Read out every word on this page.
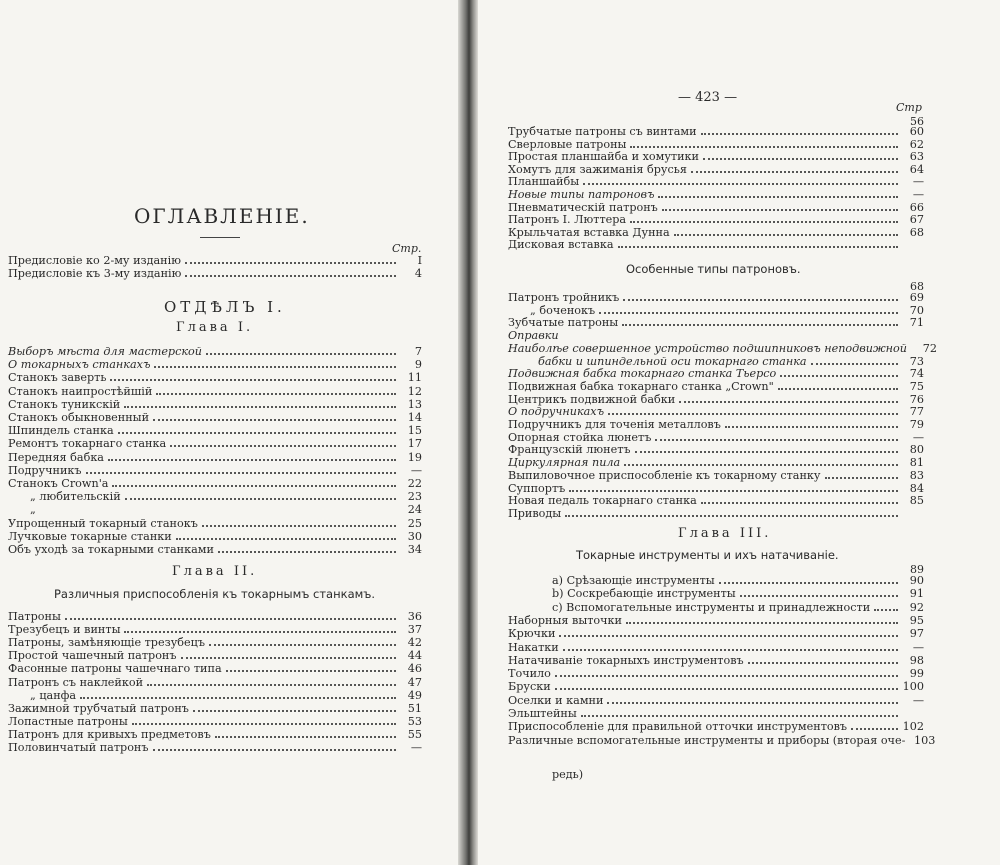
ОГЛАВЛЕНІЕ.
Стр.
Предисловіе ко 2-му изданію	I
Предисловіе къ 3-му изданію	4
ОТДѢЛЪ I.
Глава I.
Выборъ мѣста для мастерской	7
О токарныхъ станкахъ	9
Станокъ заверть	11
Станокъ наипростѣйшій	12
Станокъ туникскій	13
Станокъ обыкновенный	14
Шпиндель станка	15
Ремонтъ токарнаго станка	17
Передняя бабка	19
Подручникъ	—
Станокъ Crown'а	22
„ любительскій	23
„	24
Упрощенный токарный станокъ	25
Лучковые токарные станки	30
Объ уходѣ за токарными станками	34
Глава II.
Различныя приспособленія къ токарнымъ станкамъ.
Патроны	36
Трезубецъ и винты	37
Патроны, замѣняющіе трезубецъ	42
Простой чашечный патронъ	44
Фасонные патроны чашечнаго типа	46
Патронъ съ наклейкой	47
„ цанфа	49
Зажимной трубчатый патронъ	51
Лопастные патроны	53
Патронъ для кривыхъ предметовъ	55
Половинчатый патронъ	—
— 423 —
Стр
56
Трубчатые патроны съ винтами	60
Сверловые патроны	62
Простая планшайба и хомутики	63
Хомутъ для зажиманія брусья	64
Планшайбы	—
Новые типы патроновъ	—
Пневматическій патронъ	66
Патронъ І. Люттера	67
Крыльчатая вставка Дунна	68
Дисковая вставка
Особенные типы патроновъ.
68
Патронъ тройникъ	69
„ боченокъ	70
Зубчатые патроны	71
Оправки
Наиболѣе совершенное устройство подшипниковъ неподвижной	72
бабки и шпиндельной оси токарнаго станка	73
Подвижная бабка токарнаго станка Тьерсо	74
Подвижная бабка токарнаго станка „Crown"	75
Центрикъ подвижной бабки	76
О подручникахъ	77
Подручникъ для точенія металловъ	79
Опорная стойка люнетъ	—
Французскій люнетъ	80
Циркулярная пила	81
Выпиловочное приспособленіе къ токарному станку	83
Суппортъ	84
Новая педаль токарнаго станка	85
Приводы
Глава III.
Токарные инструменты и ихъ натачиваніе.
89
a) Срѣзающіе инструменты	90
b) Соскребающіе инструменты	91
c) Вспомогательные инструменты и принадлежности	92
Наборныя выточки	95
Крючки	97
Накатки	—
Натачиваніе токарныхъ инструментовъ	98
Точило	99
Бруски	100
Оселки и камни	—
Эльштейны
Приспособленіе для правильной отточки инструментовъ	102
Различные вспомогательные инструменты и приборы (вторая оче- 103
редь)
